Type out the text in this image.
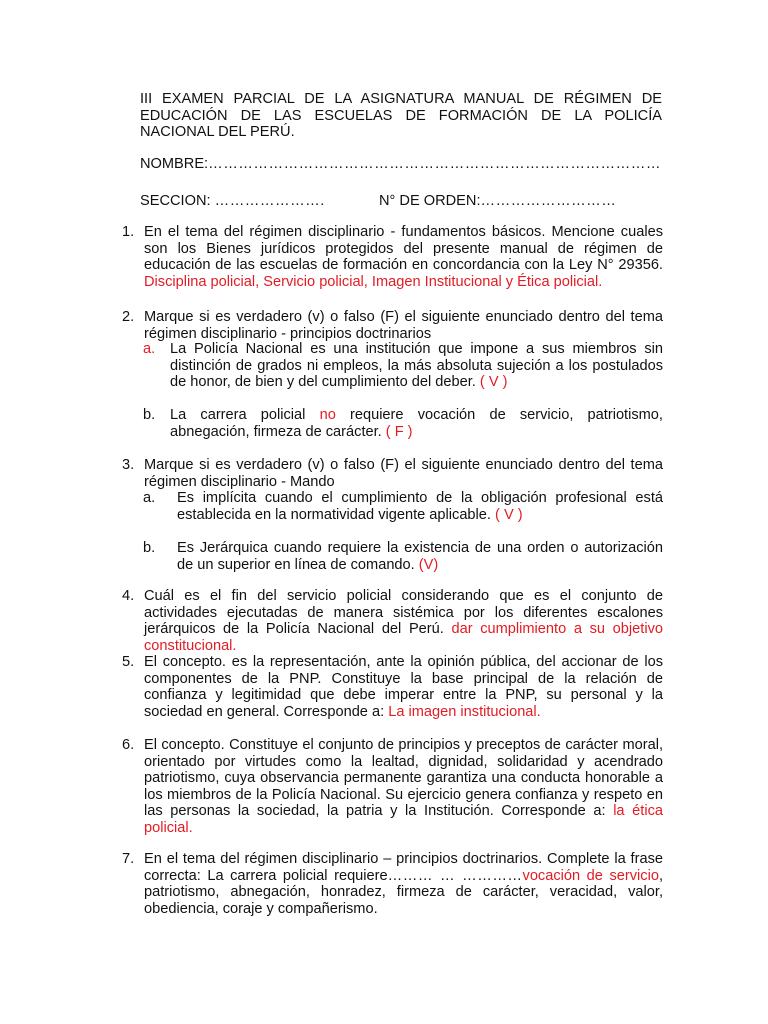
III EXAMEN PARCIAL DE LA ASIGNATURA MANUAL DE RÉGIMEN DE EDUCACIÓN DE LAS ESCUELAS DE FORMACIÓN DE LA POLICÍA NACIONAL DEL PERÚ.
NOMBRE:………………………………………………………………………………
SECCION: ………………….	N° DE ORDEN:………………………
1. En el tema del régimen disciplinario - fundamentos básicos. Mencione cuales son los Bienes jurídicos protegidos del presente manual de régimen de educación de las escuelas de formación en concordancia con la Ley N° 29356. Disciplina policial, Servicio policial, Imagen Institucional y Ética policial.
2. Marque si es verdadero (v) o falso (F) el siguiente enunciado dentro del tema régimen disciplinario - principios doctrinarios
a. La Policía Nacional es una institución que impone a sus miembros sin distinción de grados ni empleos, la más absoluta sujeción a los postulados de honor, de bien y del cumplimiento del deber. ( V )
b. La carrera policial no requiere vocación de servicio, patriotismo, abnegación, firmeza de carácter. ( F )
3. Marque si es verdadero (v) o falso (F) el siguiente enunciado dentro del tema régimen disciplinario - Mando
a. Es implícita cuando el cumplimiento de la obligación profesional está establecida en la normatividad vigente aplicable. ( V )
b. Es Jerárquica cuando requiere la existencia de una orden o autorización de un superior en línea de comando. (V)
4. Cuál es el fin del servicio policial considerando que es el conjunto de actividades ejecutadas de manera sistémica por los diferentes escalones jerárquicos de la Policía Nacional del Perú. dar cumplimiento a su objetivo constitucional.
5. El concepto. es la representación, ante la opinión pública, del accionar de los componentes de la PNP. Constituye la base principal de la relación de confianza y legitimidad que debe imperar entre la PNP, su personal y la sociedad en general. Corresponde a: La imagen institucional.
6. El concepto. Constituye el conjunto de principios y preceptos de carácter moral, orientado por virtudes como la lealtad, dignidad, solidaridad y acendrado patriotismo, cuya observancia permanente garantiza una conducta honorable a los miembros de la Policía Nacional. Su ejercicio genera confianza y respeto en las personas la sociedad, la patria y la Institución. Corresponde a: la ética policial.
7. En el tema del régimen disciplinario – principios doctrinarios. Complete la frase correcta: La carrera policial requiere……… … …………vocación de servicio, patriotismo, abnegación, honradez, firmeza de carácter, veracidad, valor, obediencia, coraje y compañerismo.
